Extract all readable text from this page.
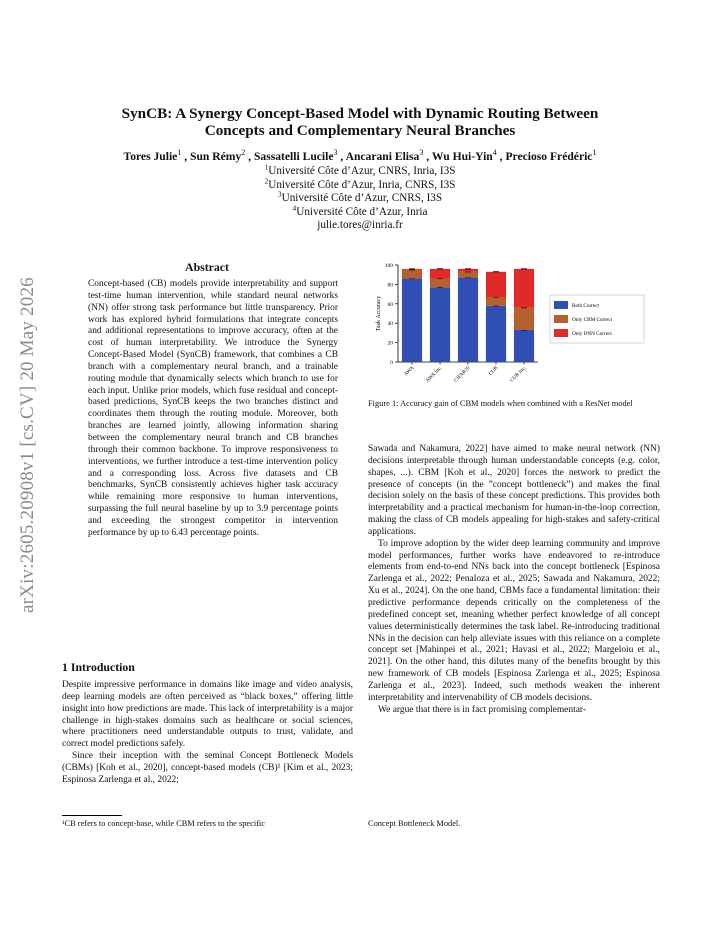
arXiv:2605.20908v1 [cs.CV] 20 May 2026
SynCB: A Synergy Concept-Based Model with Dynamic Routing Between
Concepts and Complementary Neural Branches
Tores Julie$^1$ , Sun Rémy$^2$ , Sassatelli Lucile$^3$ , Ancarani Elisa$^3$ , Wu Hui-Yin$^4$ , Precioso Frédéric$^1$
$^1$Université Côte d’Azur, CNRS, Inria, I3S
$^2$Université Côte d’Azur, Inria, CNRS, I3S
$^3$Université Côte d’Azur, CNRS, I3S
$^4$Université Côte d’Azur, Inria
julie.tores@inria.fr
Abstract

Concept-based (CB) models provide interpretability and support test-time human intervention, while standard neural networks (NN) offer strong task performance but little transparency. Prior work has explored hybrid formulations that integrate concepts and additional representations to improve accuracy, often at the cost of human interpretability. We introduce the Synergy Concept-Based Model (SynCB) framework, that combines a CB branch with a complementary neural branch, and a trainable routing module that dynamically selects which branch to use for each input. Unlike prior models, which fuse residual and concept-based predictions, SynCB keeps the two branches distinct and coordinates them through the routing module. Moreover, both branches are learned jointly, allowing information sharing between the complementary neural branch and CB branches through their common backbone. To improve responsiveness to interventions, we further introduce a test-time intervention policy and a corresponding loss. Across five datasets and CB benchmarks, SynCB consistently achieves higher task accuracy while remaining more responsive to human interventions, surpassing the full neural baseline by up to 3.9 percentage points and exceeding the strongest competitor in intervention performance by up to 6.43 percentage points.

1 Introduction

Despite impressive performance in domains like image and video analysis, deep learning models are often perceived as “black boxes,” offering little insight into how predictions are made. This lack of interpretability is a major challenge in high-stakes domains such as healthcare or social sciences, where practitioners need understandable outputs to trust, validate, and correct model predictions safely.

Since their inception with the seminal Concept Bottleneck Models (CBMs) [Koh et al., 2020], concept-based models (CB)¹ [Kim et al., 2023; Espinosa Zarlenga et al., 2022;

¹CB refers to concept-base, while CBM refers to the specific
0
20
40
60
80
100
Task Accuracy
AWA AWA Inc. CIFAR10	CUB CUB Inc.
Both Correct
Only CBM Correct
Only DNN Correct
Figure 1: Accuracy gain of CBM models when combined with a ResNet model

Sawada and Nakamura, 2022] have aimed to make neural network (NN) decisions interpretable through human understandable concepts (e.g. color, shapes, ...). CBM [Koh et al., 2020] forces the network to predict the presence of concepts (in the ”concept bottleneck”) and makes the final decision solely on the basis of these concept predictions. This provides both interpretability and a practical mechanism for human-in-the-loop correction, making the class of CB models appealing for high-stakes and safety-critical applications.

To improve adoption by the wider deep learning community and improve model performances, further works have endeavored to re-introduce elements from end-to-end NNs back into the concept bottleneck [Espinosa Zarlenga et al., 2022; Penaloza et al., 2025; Sawada and Nakamura, 2022; Xu et al., 2024]. On the one hand, CBMs face a fundamental limitation: their predictive performance depends critically on the completeness of the predefined concept set, meaning whether perfect knowledge of all concept values deterministically determines the task label. Re-introducing traditional NNs in the decision can help alleviate issues with this reliance on a complete concept set [Mahinpei et al., 2021; Havasi et al., 2022; Margeloiu et al., 2021]. On the other hand, this dilutes many of the benefits brought by this new framework of CB models [Espinosa Zarlenga et al., 2025; Espinosa Zarlenga et al., 2023]. Indeed, such methods weaken the inherent interpretability and intervenability of CB models decisions.

We argue that there is in fact promising complementar-

Concept Bottleneck Model.
